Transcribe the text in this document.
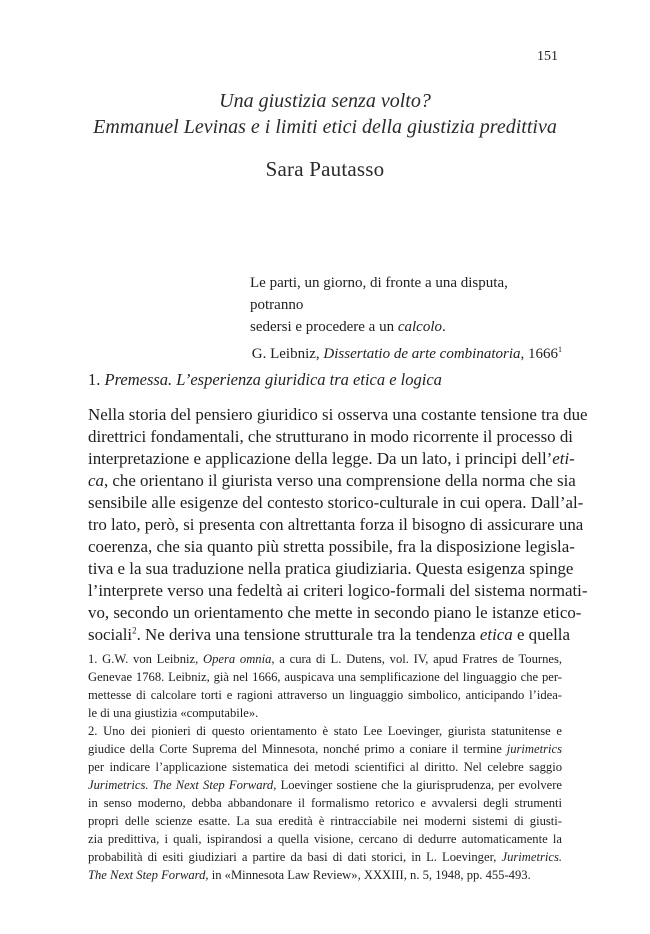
151
Una giustizia senza volto?
Emmanuel Levinas e i limiti etici della giustizia predittiva
Sara Pautasso
Le parti, un giorno, di fronte a una disputa, potranno
sedersi e procedere a un calcolo.
G. Leibniz, Dissertatio de arte combinatoria, 1666$^1$
1. Premessa. L’esperienza giuridica tra etica e logica
Nella storia del pensiero giuridico si osserva una costante tensione tra due
direttrici fondamentali, che strutturano in modo ricorrente il processo di
interpretazione e applicazione della legge. Da un lato, i principi dell’eti-
ca, che orientano il giurista verso una comprensione della norma che sia
sensibile alle esigenze del contesto storico-culturale in cui opera. Dall’al-
tro lato, però, si presenta con altrettanta forza il bisogno di assicurare una
coerenza, che sia quanto più stretta possibile, fra la disposizione legisla-
tiva e la sua traduzione nella pratica giudiziaria. Questa esigenza spinge
l’interprete verso una fedeltà ai criteri logico-formali del sistema normati-
vo, secondo un orientamento che mette in secondo piano le istanze etico-
sociali$^2$. Ne deriva una tensione strutturale tra la tendenza etica e quella
1. G.W. von Leibniz, Opera omnia, a cura di L. Dutens, vol. IV, apud Fratres de Tournes,
Genevae 1768. Leibniz, già nel 1666, auspicava una semplificazione del linguaggio che per-
mettesse di calcolare torti e ragioni attraverso un linguaggio simbolico, anticipando l’idea-
le di una giustizia «computabile».
2. Uno dei pionieri di questo orientamento è stato Lee Loevinger, giurista statunitense e
giudice della Corte Suprema del Minnesota, nonché primo a coniare il termine jurimetrics
per indicare l’applicazione sistematica dei metodi scientifici al diritto. Nel celebre saggio
Jurimetrics. The Next Step Forward, Loevinger sostiene che la giurisprudenza, per evolvere
in senso moderno, debba abbandonare il formalismo retorico e avvalersi degli strumenti
propri delle scienze esatte. La sua eredità è rintracciabile nei moderni sistemi di giusti-
zia predittiva, i quali, ispirandosi a quella visione, cercano di dedurre automaticamente la
probabilità di esiti giudiziari a partire da basi di dati storici, in L. Loevinger, Jurimetrics.
The Next Step Forward, in «Minnesota Law Review», XXXIII, n. 5, 1948, pp. 455-493.
